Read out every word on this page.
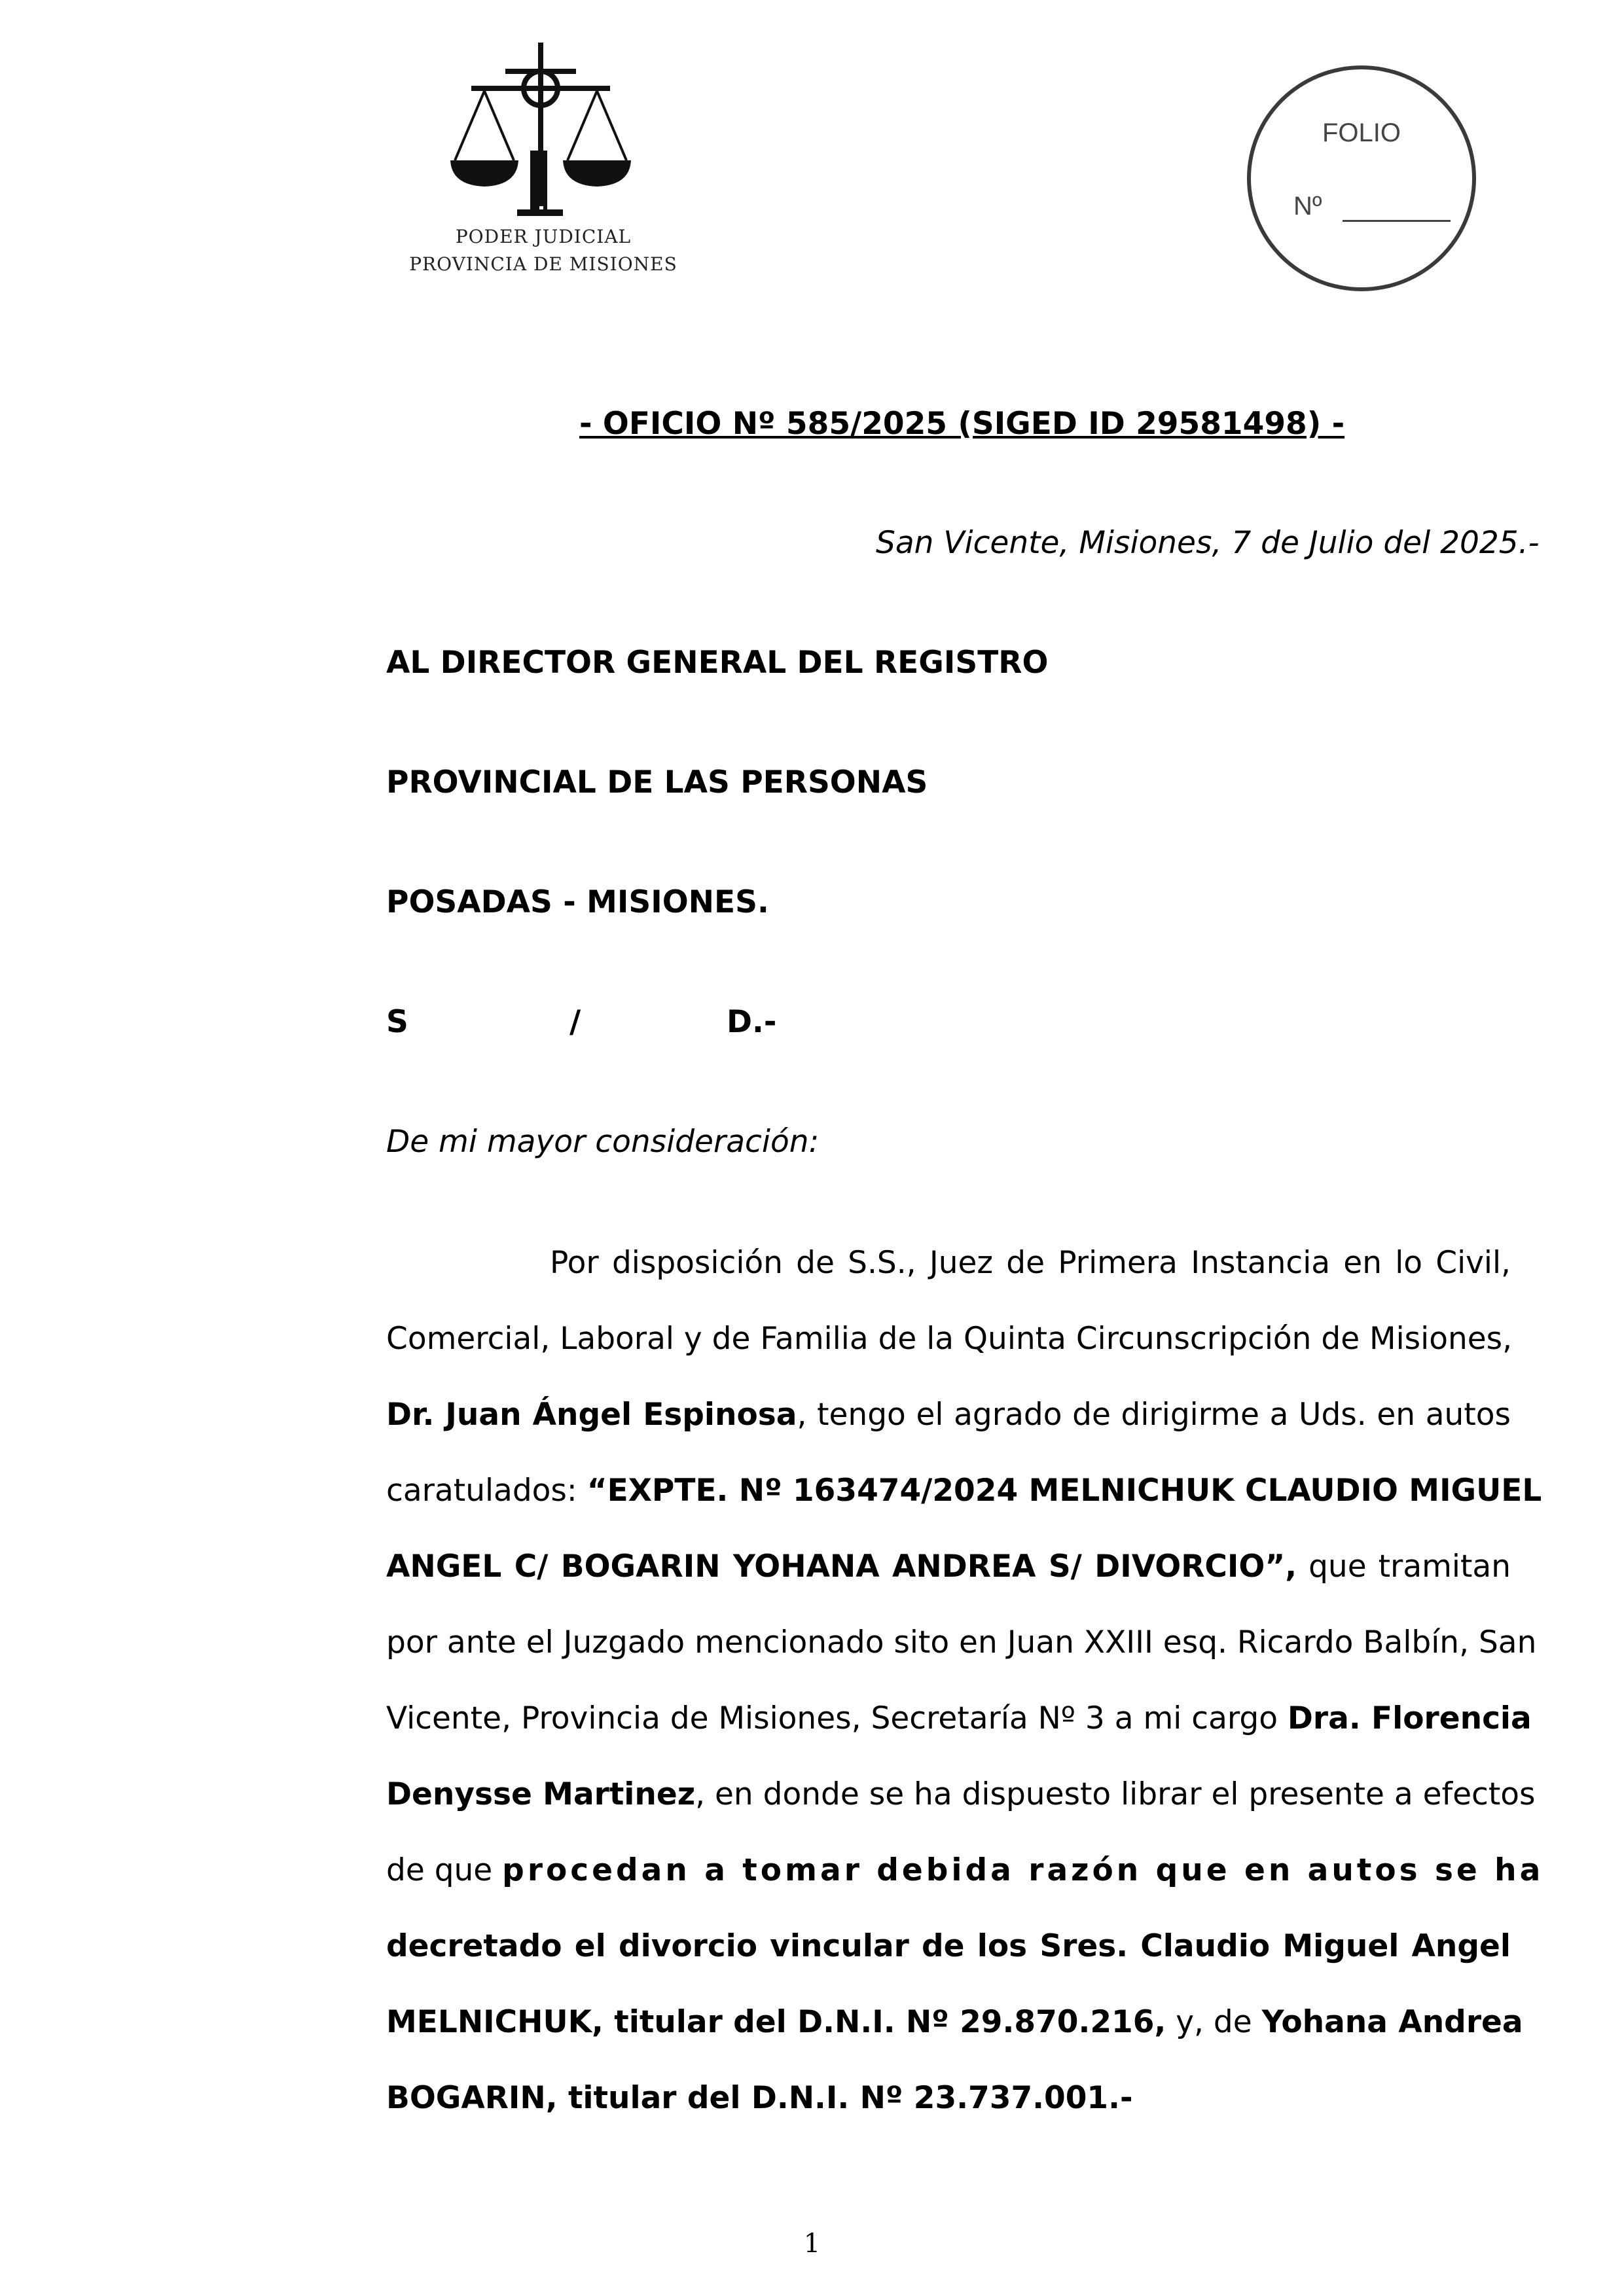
PODER JUDICIAL
PROVINCIA DE MISIONES
FOLIO
Nº
- OFICIO Nº 585/2025 (SIGED ID 29581498) -
San Vicente, Misiones, 7 de Julio del 2025.-
AL DIRECTOR GENERAL DEL REGISTRO
PROVINCIAL DE LAS PERSONAS
POSADAS - MISIONES.
S	/	D.-
De mi mayor consideración:
Por disposición de S.S., Juez de Primera Instancia en lo Civil,
Comercial, Laboral y de Familia de la Quinta Circunscripción de Misiones,
Dr. Juan Ángel Espinosa, tengo el agrado de dirigirme a Uds. en autos
caratulados: “EXPTE. Nº 163474/2024 MELNICHUK CLAUDIO MIGUEL
ANGEL C/ BOGARIN YOHANA ANDREA S/ DIVORCIO”, que tramitan
por ante el Juzgado mencionado sito en Juan XXIII esq. Ricardo Balbín, San
Vicente, Provincia de Misiones, Secretaría Nº 3 a mi cargo Dra. Florencia
Denysse Martinez, en donde se ha dispuesto librar el presente a efectos
de que procedan a tomar debida razón que en autos se ha
decretado el divorcio vincular de los Sres. Claudio Miguel Angel
MELNICHUK, titular del D.N.I. Nº 29.870.216, y, de Yohana Andrea
BOGARIN, titular del D.N.I. Nº 23.737.001.-
1
